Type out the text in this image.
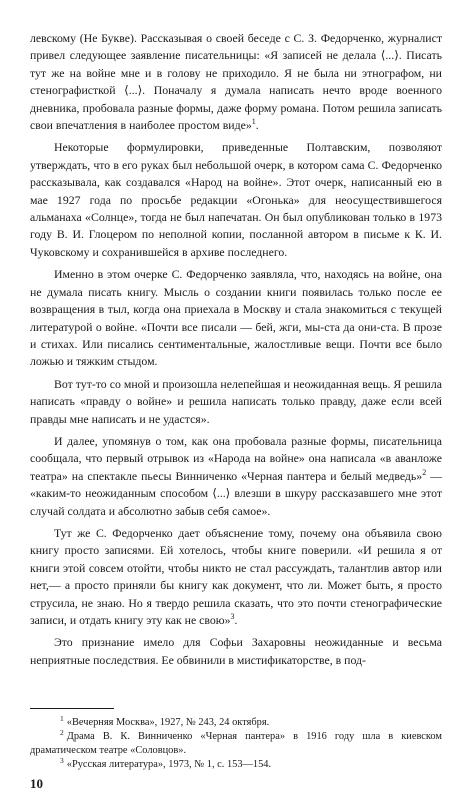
левскому (Не Букве). Рассказывая о своей беседе с С. З. Федорченко, журналист привел следующее заявление писательницы: «Я записей не делала ⟨...⟩. Писать тут же на войне мне и в голову не приходило. Я не была ни этнографом, ни стенографисткой ⟨...⟩. Поначалу я думала написать нечто вроде военного дневника, пробовала разные формы, даже форму романа. Потом решила записать свои впечатления в наиболее простом виде»$^1$.

Некоторые формулировки, приведенные Полтавским, позволяют утверждать, что в его руках был небольшой очерк, в котором сама С. Федорченко рассказывала, как создавался «Народ на войне». Этот очерк, написанный ею в мае 1927 года по просьбе редакции «Огонька» для неосуществившегося альманаха «Солнце», тогда не был напечатан. Он был опубликован только в 1973 году В. И. Глоцером по неполной копии, посланной автором в письме к К. И. Чуковскому и сохранившейся в архиве последнего.

Именно в этом очерке С. Федорченко заявляла, что, находясь на войне, она не думала писать книгу. Мысль о создании книги появилась только после ее возвращения в тыл, когда она приехала в Москву и стала знакомиться с текущей литературой о войне. «Почти все писали — бей, жги, мы-ста да они-ста. В прозе и стихах. Или писались сентиментальные, жалостливые вещи. Почти все было ложью и тяжким стыдом.

Вот тут-то со мной и произошла нелепейшая и неожиданная вещь. Я решила написать «правду о войне» и решила написать только правду, даже если всей правды мне написать и не удастся».

И далее, упомянув о том, как она пробовала разные формы, писательница сообщала, что первый отрывок из «Народа на войне» она написала «в аванложе театра» на спектакле пьесы Винниченко «Черная пантера и белый медведь»$^2$ — «каким-то неожиданным способом ⟨...⟩ влезши в шкуру рассказавшего мне этот случай солдата и абсолютно забыв себя самое».

Тут же С. Федорченко дает объяснение тому, почему она объявила свою книгу просто записями. Ей хотелось, чтобы книге поверили. «И решила я от книги этой совсем отойти, чтобы никто не стал рассуждать, талантлив автор или нет,— а просто приняли бы книгу как документ, что ли. Может быть, я просто струсила, не знаю. Но я твердо решила сказать, что это почти стенографические записи, и отдать книгу эту как не свою»$^3$.

Это признание имело для Софьи Захаровны неожиданные и весьма неприятные последствия. Ее обвинили в мистификаторстве, в под-

$^1$ «Вечерняя Москва», 1927, № 243, 24 октября.

$^2$ Драма В. К. Винниченко «Черная пантера» в 1916 году шла в киевском драматическом театре «Соловцов».

$^3$ «Русская литература», 1973, № 1, с. 153—154.

10
